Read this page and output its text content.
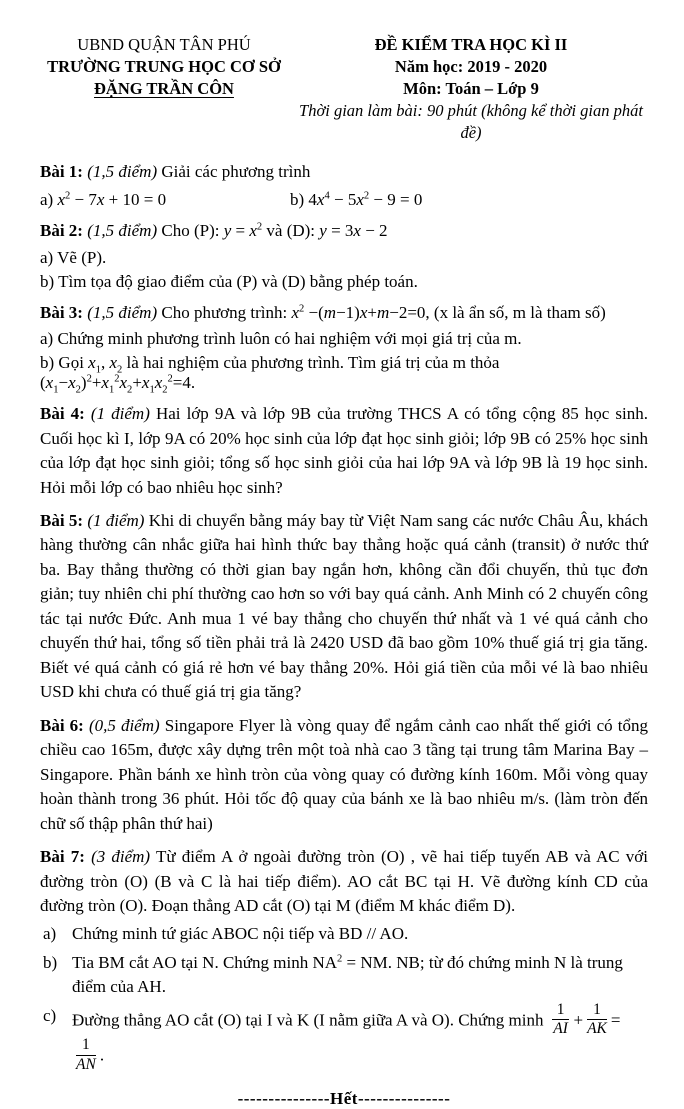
UBND QUẬN TÂN PHÚ
TRƯỜNG TRUNG HỌC CƠ SỞ
ĐẶNG TRẦN CÔN
ĐỀ KIỂM TRA HỌC KÌ II
Năm học: 2019 - 2020
Môn: Toán – Lớp 9
Thời gian làm bài: 90 phút (không kể thời gian phát đề)
Bài 1: (1,5 điểm) Giải các phương trình
a) $x^2 - 7x + 10 = 0$	b) $4x^4 - 5x^2 - 9 = 0$
Bài 2: (1,5 điểm) Cho (P): $y = x^2$ và (D): y = 3x − 2
a) Vẽ (P).
b) Tìm tọa độ giao điểm của (P) và (D) bằng phép toán.
Bài 3: (1,5 điểm) Cho phương trình: $x^2 -(m-1)x+m-2=0$, (x là ẩn số, m là tham số)
a) Chứng minh phương trình luôn có hai nghiệm với mọi giá trị của m.
b) Gọi $x_1$, $x_2$ là hai nghiệm của phương trình. Tìm giá trị của m thỏa $(x_1-x_2)^2+x_1^2x_2+x_1x_2^2=4$.

Bài 4: (1 điểm) Hai lớp 9A và lớp 9B của trường THCS A có tổng cộng 85 học sinh. Cuối học kì I, lớp 9A có 20% học sinh của lớp đạt học sinh giỏi; lớp 9B có 25% học sinh của lớp đạt học sinh giỏi; tổng số học sinh giỏi của hai lớp 9A và lớp 9B là 19 học sinh. Hỏi mỗi lớp có bao nhiêu học sinh?

Bài 5: (1 điểm) Khi di chuyển bằng máy bay từ Việt Nam sang các nước Châu Âu, khách hàng thường cân nhắc giữa hai hình thức bay thẳng hoặc quá cảnh (transit) ở nước thứ ba. Bay thẳng thường có thời gian bay ngắn hơn, không cần đổi chuyến, thủ tục đơn giản; tuy nhiên chi phí thường cao hơn so với bay quá cảnh. Anh Minh có 2 chuyến công tác tại nước Đức. Anh mua 1 vé bay thẳng cho chuyến thứ nhất và 1 vé quá cảnh cho chuyến thứ hai, tổng số tiền phải trả là 2420 USD đã bao gồm 10% thuế giá trị gia tăng. Biết vé quá cảnh có giá rẻ hơn vé bay thẳng 20%. Hỏi giá tiền của mỗi vé là bao nhiêu USD khi chưa có thuế giá trị gia tăng?

Bài 6: (0,5 điểm) Singapore Flyer là vòng quay để ngắm cảnh cao nhất thế giới có tổng chiều cao 165m, được xây dựng trên một toà nhà cao 3 tầng tại trung tâm Marina Bay – Singapore. Phần bánh xe hình tròn của vòng quay có đường kính 160m. Mỗi vòng quay hoàn thành trong 36 phút. Hỏi tốc độ quay của bánh xe là bao nhiêu m/s. (làm tròn đến chữ số thập phân thứ hai)

Bài 7: (3 điểm) Từ điểm A ở ngoài đường tròn (O) , vẽ hai tiếp tuyến AB và AC với đường tròn (O) (B và C là hai tiếp điểm). AO cắt BC tại H. Vẽ đường kính CD của đường tròn (O). Đoạn thẳng AD cắt (O) tại M (điểm M khác điểm D).

a) Chứng minh tứ giác ABOC nội tiếp và BD // AO.
b) Tia BM cắt AO tại N. Chứng minh $NA^2$ = NM. NB; từ đó chứng minh N là trung điểm của AH.
c) Đường thẳng AO cắt (O) tại I và K (I nằm giữa A và O). Chứng minh $\frac{1}{AI} + \frac{1}{AK}$ =
$\frac{1}{AN}$ .
---------------Hết---------------
